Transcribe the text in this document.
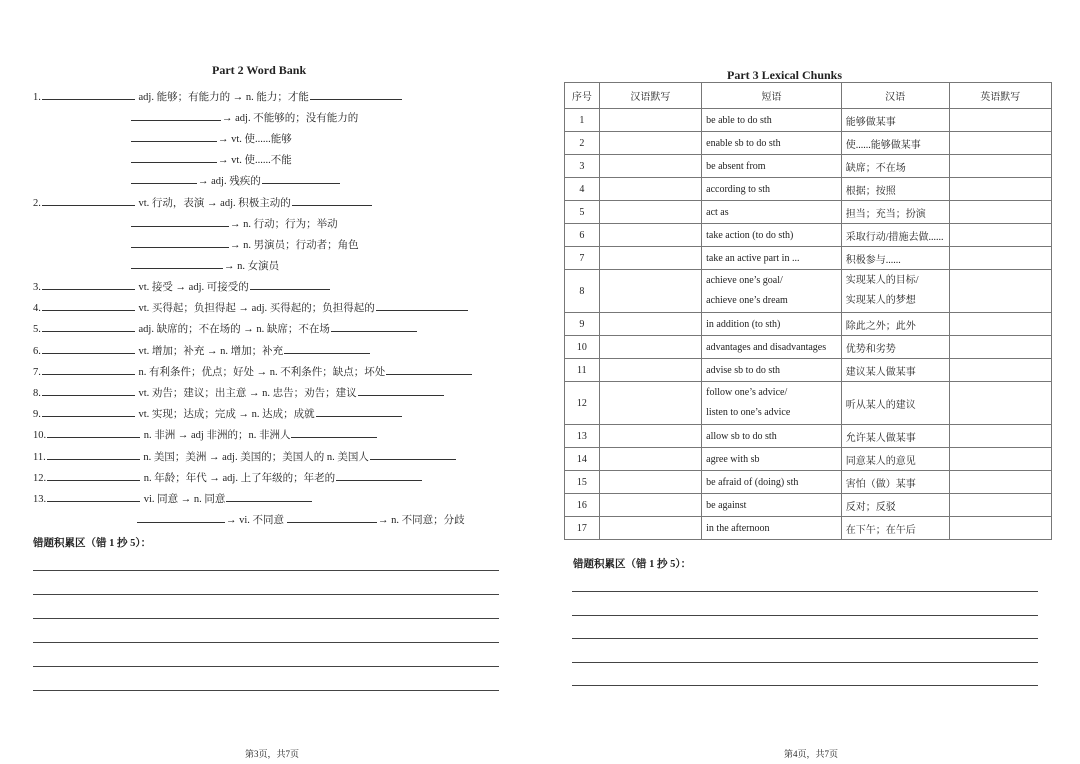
Part 2 Word Bank
1.	adj. 能够；有能力的 → n. 能力；才能
→ adj. 不能够的；没有能力的
→ vt. 使......能够
→ vt. 使......不能
→ adj. 残疾的
2.	vt. 行动，表演 → adj. 积极主动的
→ n. 行动；行为；举动
→ n. 男演员；行动者；角色
→ n. 女演员
3.	vt. 接受 → adj. 可接受的
4.	vt. 买得起；负担得起 → adj. 买得起的；负担得起的
5.	adj. 缺席的；不在场的 → n. 缺席；不在场
6.	vt. 增加；补充 → n. 增加；补充
7.	n. 有利条件；优点；好处 → n. 不利条件；缺点；坏处
8.	vt. 劝告；建议；出主意 → n. 忠告；劝告；建议
9.	vt. 实现；达成；完成 → n. 达成；成就
10.	n. 非洲 → adj 非洲的；n. 非洲人
11.	n. 美国；美洲 → adj. 美国的；美国人的 n. 美国人
12.	n. 年龄；年代 → adj. 上了年级的；年老的
13.	vi. 同意 → n. 同意
→ vi. 不同意	→ n. 不同意；分歧
错题积累区（错 1 抄 5）：
第3页，共7页
Part 3 Lexical Chunks
序号	汉语默写	短语	汉语	英语默写
1		be able to do sth	能够做某事	
2		enable sb to do sth	使......能够做某事	
3		be absent from	缺席；不在场	
4		according to sth	根据；按照	
5		act as	担当；充当；扮演	
6		take action (to do sth)	采取行动/措施去做......	
7		take an active part in ...	积极参与......	
8		achieve one’s goal/
achieve one’s dream	实现某人的目标/
实现某人的梦想	

9		in addition (to sth)	除此之外；此外	
10		advantages and disadvantages	优势和劣势	
11		advise sb to do sth	建议某人做某事	
12		follow one’s advice/
listen to one’s advice	听从某人的建议	
13		allow sb to do sth	允许某人做某事	
14		agree with sb	同意某人的意见	
15		be afraid of (doing) sth	害怕（做）某事	
16		be against	反对；反驳	
17		in the afternoon	在下午；在午后	
错题积累区（错 1 抄 5）：
第4页，共7页
